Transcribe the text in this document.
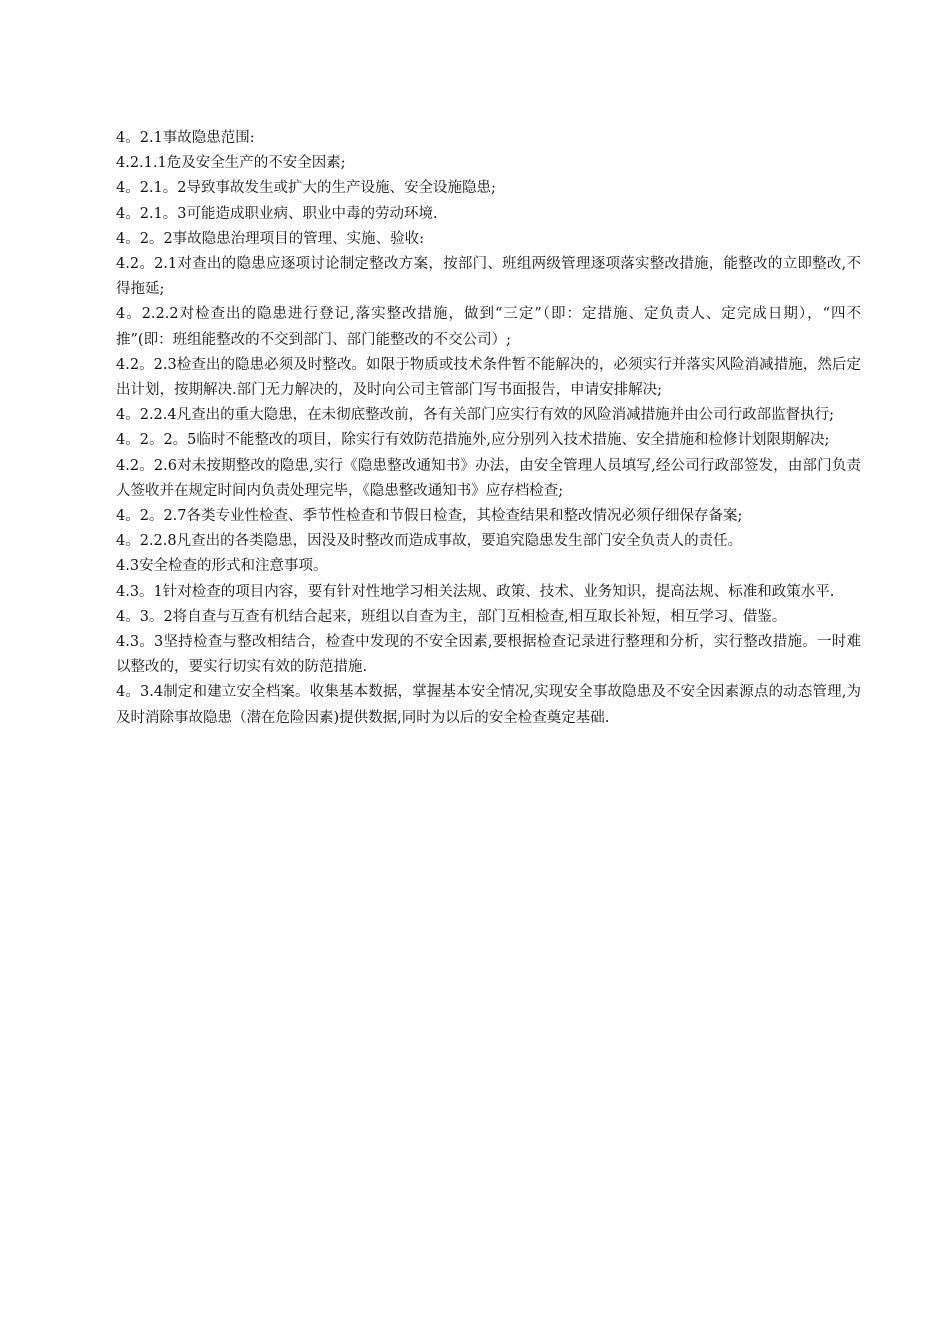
4。2.1事故隐患范围:

4.2.1.1危及安全生产的不安全因素;

4。2.1。2导致事故发生或扩大的生产设施、安全设施隐患;

4。2.1。3可能造成职业病、职业中毒的劳动环境.

4。2。2事故隐患治理项目的管理、实施、验收:

4.2。2.1对查出的隐患应逐项讨论制定整改方案，按部门、班组两级管理逐项落实整改措施，能整改的立即整改,不得拖延;

4。2.2.2对检查出的隐患进行登记,落实整改措施，做到“三定”（即：定措施、定负责人、定完成日期），“四不推”(即：班组能整改的不交到部门、部门能整改的不交公司）;

4.2。2.3检查出的隐患必须及时整改。如限于物质或技术条件暂不能解决的，必须实行并落实风险消减措施，然后定出计划，按期解决.部门无力解决的，及时向公司主管部门写书面报告，申请安排解决;

4。2.2.4凡查出的重大隐患，在未彻底整改前，各有关部门应实行有效的风险消减措施并由公司行政部监督执行;

4。2。2。5临时不能整改的项目，除实行有效防范措施外,应分别列入技术措施、安全措施和检修计划限期解决;

4.2。2.6对未按期整改的隐患,实行《隐患整改通知书》办法，由安全管理人员填写,经公司行政部签发，由部门负责人签收并在规定时间内负责处理完毕，《隐患整改通知书》应存档检查;

4。2。2.7各类专业性检查、季节性检查和节假日检查，其检查结果和整改情况必须仔细保存备案;

4。2.2.8凡查出的各类隐患，因没及时整改而造成事故，要追究隐患发生部门安全负责人的责任。

4.3安全检查的形式和注意事项。

4.3。1针对检查的项目内容，要有针对性地学习相关法规、政策、技术、业务知识，提高法规、标准和政策水平.

4。3。2将自查与互查有机结合起来，班组以自查为主，部门互相检查,相互取长补短，相互学习、借鉴。

4.3。3坚持检查与整改相结合，检查中发现的不安全因素,要根据检查记录进行整理和分析，实行整改措施。一时难以整改的，要实行切实有效的防范措施.

4。3.4制定和建立安全档案。收集基本数据，掌握基本安全情况,实现安全事故隐患及不安全因素源点的动态管理,为及时消除事故隐患（潜在危险因素)提供数据,同时为以后的安全检查奠定基础.
